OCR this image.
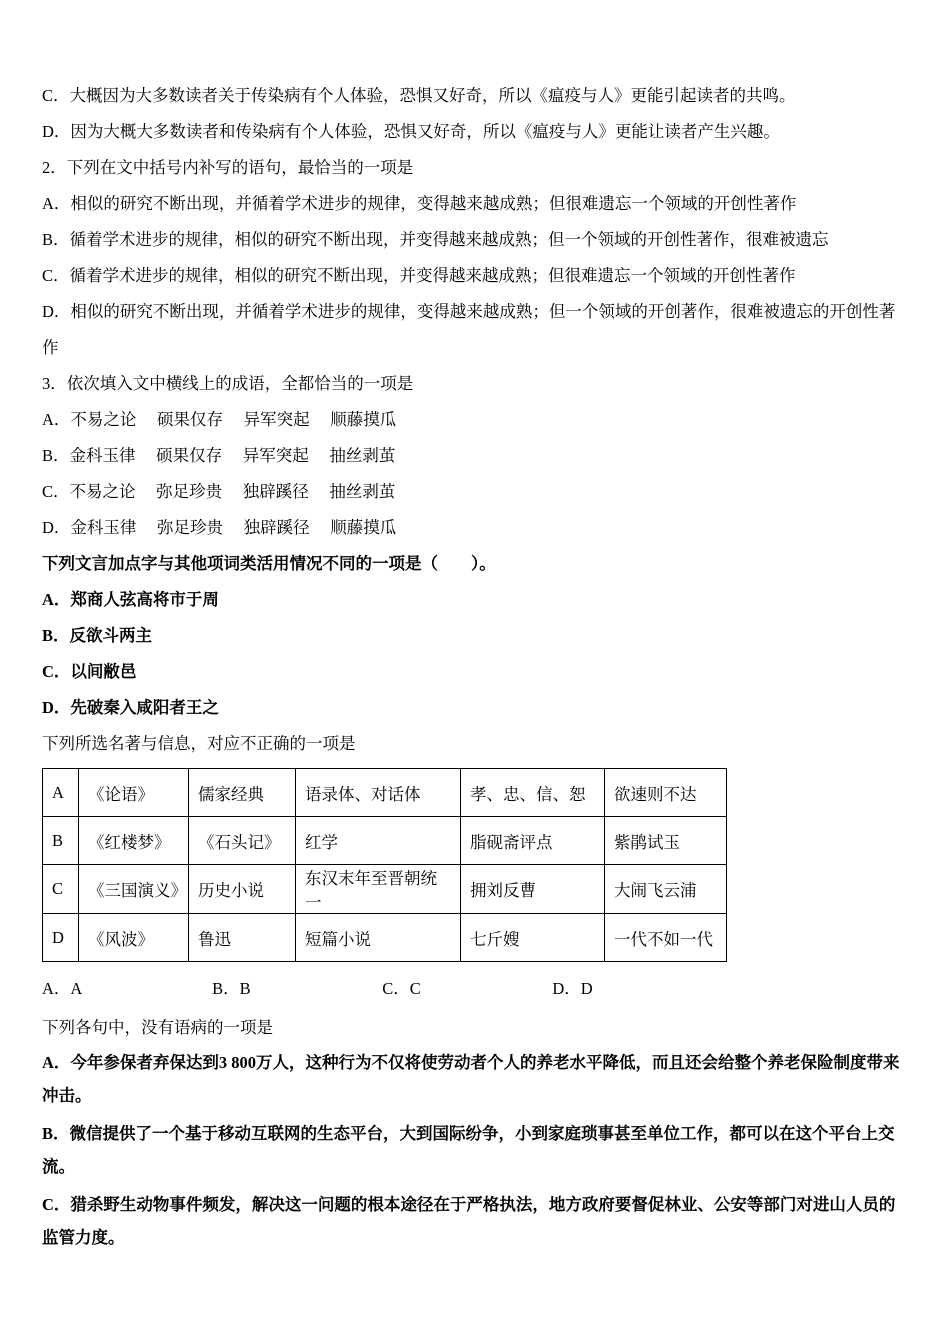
C．大概因为大多数读者关于传染病有个人体验，恐惧又好奇，所以《瘟疫与人》更能引起读者的共鸣。

D．因为大概大多数读者和传染病有个人体验，恐惧又好奇，所以《瘟疫与人》更能让读者产生兴趣。

2．下列在文中括号内补写的语句，最恰当的一项是

A．相似的研究不断出现，并循着学术进步的规律，变得越来越成熟；但很难遗忘一个领域的开创性著作

B．循着学术进步的规律，相似的研究不断出现，并变得越来越成熟；但一个领域的开创性著作，很难被遗忘

C．循着学术进步的规律，相似的研究不断出现，并变得越来越成熟；但很难遗忘一个领域的开创性著作

D．相似的研究不断出现，并循着学术进步的规律，变得越来越成熟；但一个领域的开创著作，很难被遗忘的开创性著作

3．依次填入文中横线上的成语，全都恰当的一项是

A．不易之论　 硕果仅存　 异军突起　 顺藤摸瓜

B．金科玉律　 硕果仅存　 异军突起　 抽丝剥茧

C．不易之论　 弥足珍贵　 独辟蹊径　 抽丝剥茧

D．金科玉律　 弥足珍贵　 独辟蹊径　 顺藤摸瓜

下列文言加点字与其他项词类活用情况不同的一项是（　　）。

A．郑商人弦高将市于周

B．反欲斗两主

C．以间敝邑

D．先破秦入咸阳者王之

下列所选名著与信息，对应不正确的一项是

A	《论语》	儒家经典	语录体、对话体	孝、忠、信、恕	欲速则不达
B	《红楼梦》	《石头记》	红学	脂砚斋评点	紫鹃试玉
C	《三国演义》	历史小说	东汉末年至晋朝统一	拥刘反曹	大闹飞云浦
D	《风波》	鲁迅	短篇小说	七斤嫂	一代不如一代
A．A	B．B	C．C	D．D

下列各句中，没有语病的一项是

A．今年参保者弃保达到3 800万人，这种行为不仅将使劳动者个人的养老水平降低，而且还会给整个养老保险制度带来冲击。

B．微信提供了一个基于移动互联网的生态平台，大到国际纷争，小到家庭琐事甚至单位工作，都可以在这个平台上交流。

C．猎杀野生动物事件频发，解决这一问题的根本途径在于严格执法，地方政府要督促林业、公安等部门对进山人员的监管力度。
